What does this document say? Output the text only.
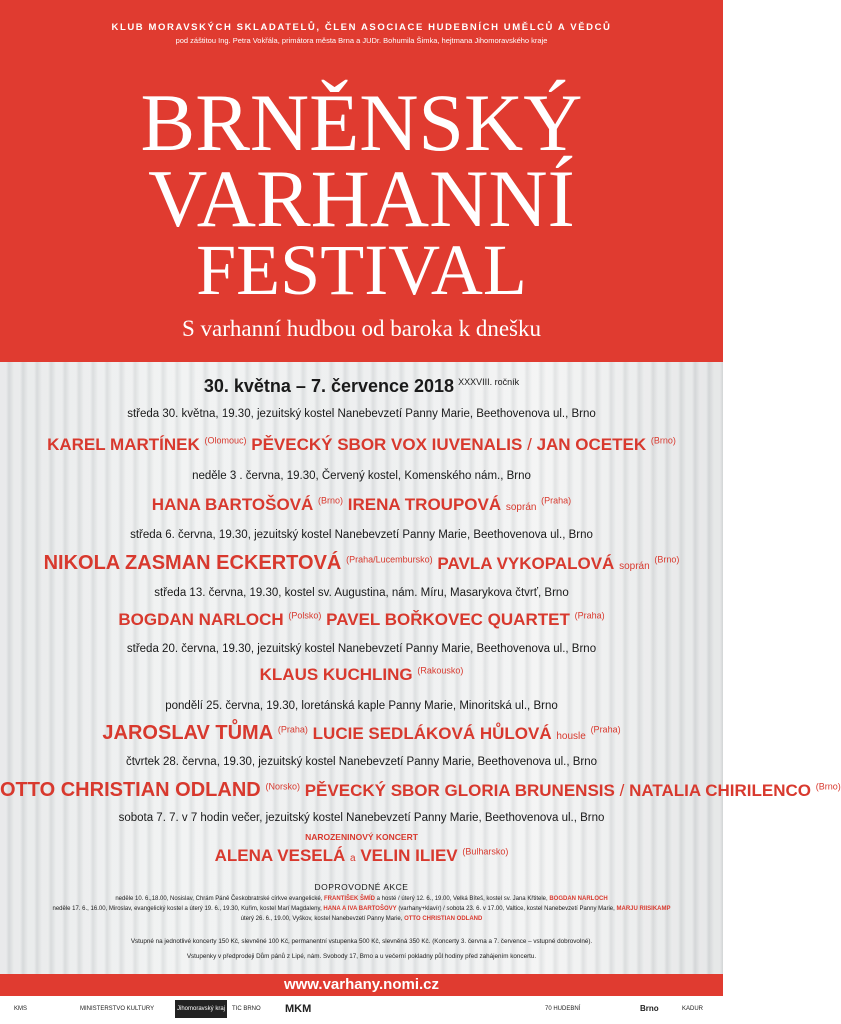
KLUB MORAVSKÝCH SKLADATELŮ, ČLEN ASOCIACE HUDEBNÍCH UMĚLCŮ A VĚDCŮ
pod záštitou Ing. Petra Vokřála, primátora města Brna a JUDr. Bohumila Šimka, hejtmana Jihomoravského kraje
BRNĚNSKÝ
VARHANNÍ
FESTIVAL
S varhanní hudbou od baroka k dnešku
30. května – 7. července 2018 $^{XXXVIII. ročník}$
středa 30. května, 19.30, jezuitský kostel Nanebevzetí Panny Marie, Beethovenova ul., Brno
KAREL MARTÍNEK $^{(Olomouc)}$ PĚVECKÝ SBOR VOX IUVENALIS / JAN OCETEK $^{(Brno)}$
neděle 3 . června, 19.30, Červený kostel, Komenského nám., Brno
HANA BARTOŠOVÁ $^{(Brno)}$ IRENA TROUPOVÁ soprán $^{(Praha)}$
středa 6. června, 19.30, jezuitský kostel Nanebevzetí Panny Marie, Beethovenova ul., Brno
NIKOLA ZASMAN ECKERTOVÁ $^{(Praha/Lucembursko)}$ PAVLA VYKOPALOVÁ soprán $^{(Brno)}$
středa 13. června, 19.30, kostel sv. Augustina, nám. Míru, Masarykova čtvrť, Brno
BOGDAN NARLOCH $^{(Polsko)}$ PAVEL BOŘKOVEC QUARTET $^{(Praha)}$
středa 20. června, 19.30, jezuitský kostel Nanebevzetí Panny Marie, Beethovenova ul., Brno
KLAUS KUCHLING $^{(Rakousko)}$
pondělí 25. června, 19.30, loretánská kaple Panny Marie, Minoritská ul., Brno
JAROSLAV TŮMA $^{(Praha)}$ LUCIE SEDLÁKOVÁ HŮLOVÁ housle $^{(Praha)}$
čtvrtek 28. června, 19.30, jezuitský kostel Nanebevzetí Panny Marie, Beethovenova ul., Brno
OTTO CHRISTIAN ODLAND $^{(Norsko)}$ PĚVECKÝ SBOR GLORIA BRUNENSIS / NATALIA CHIRILENCO $^{(Brno)}$
sobota 7. 7. v 7 hodin večer, jezuitský kostel Nanebevzetí Panny Marie, Beethovenova ul., Brno
NAROZENINOVÝ KONCERT
ALENA VESELÁ a VELIN ILIEV $^{(Bulharsko)}$
DOPROVODNÉ AKCE
neděle 10. 6.,18.00, Nosislav, Chrám Páně Českobratrské církve evangelické, FRANTIŠEK ŠMÍD a hosté / úterý 12. 6., 19.00, Velká Bíteš, kostel sv. Jana Křtitele, BOGDAN NARLOCH
neděle 17. 6., 16.00, Miroslav, evangelický kostel a úterý 19. 6., 19.30, Kuřim, kostel Marí Magdaleny, HANA A IVA BARTOŠOVY (varhany+klavír) / sobota 23. 6. v 17.00, Valtice, kostel Nanebevzetí Panny Marie, MARJU RIISIKAMP
úterý 26. 6., 19.00, Vyškov, kostel Nanebevzetí Panny Marie, OTTO CHRISTIAN ODLAND
Vstupné na jednotlivé koncerty 150 Kč, slevněné 100 Kč, permanentní vstupenka 500 Kč, slevněná 350 Kč. (Koncerty 3. června a 7. července – vstupné dobrovolné).
Vstupenky v předprodeji Dům pánů z Lipé, nám. Svobody 17, Brno a u večerní pokladny půl hodiny před zahájením koncertu.
www.varhany.nomi.cz
KMS	MINISTERSTVO KULTURY	Jihomoravský kraj	TIC BRNO MKM	70 HUDEBNÍ	Brno	KADUR
